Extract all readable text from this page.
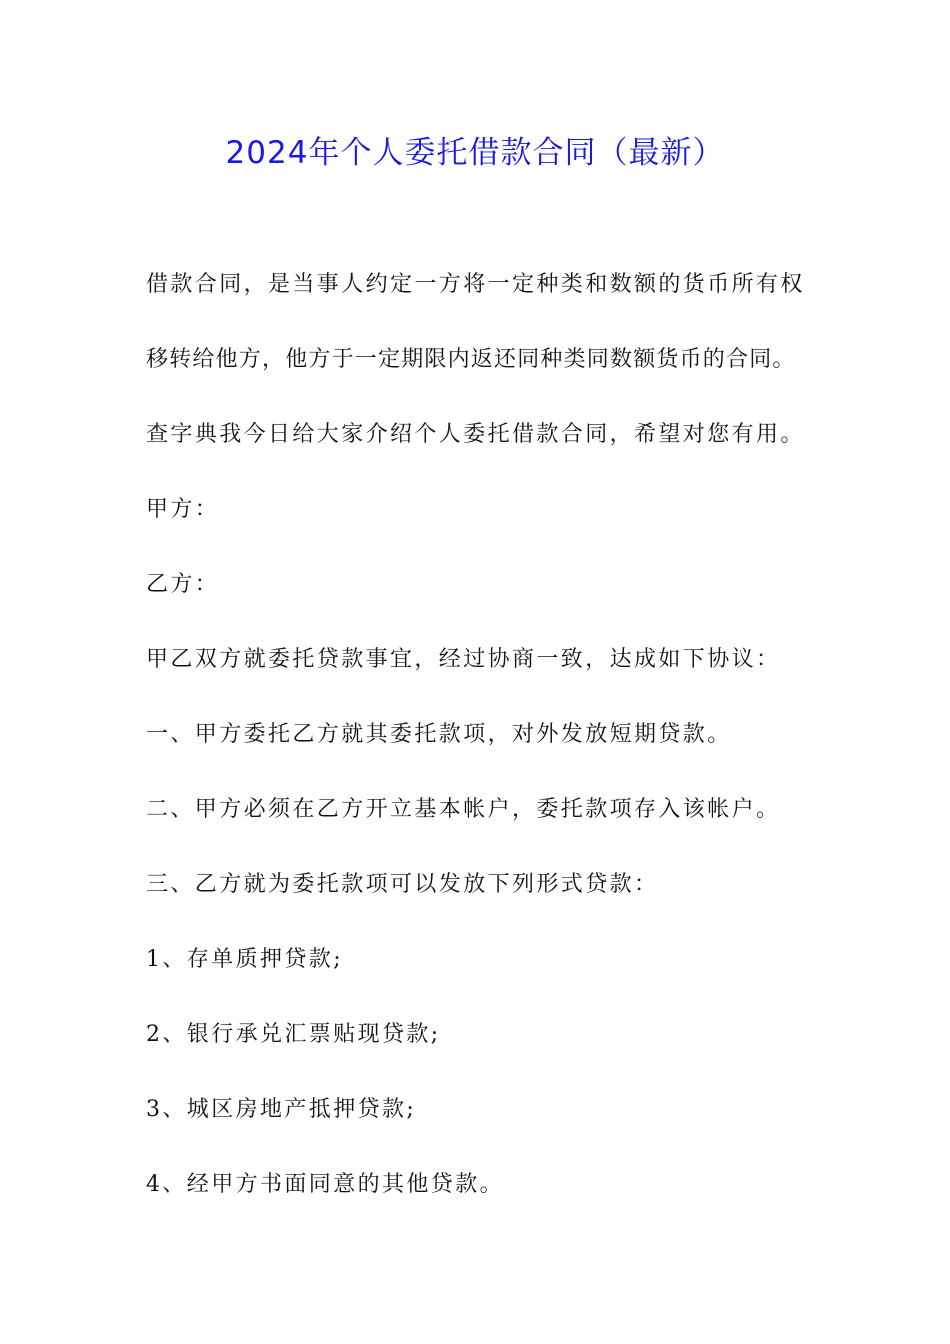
2024年个人委托借款合同（最新）
借款合同，是当事人约定一方将一定种类和数额的货币所有权
移转给他方，他方于一定期限内返还同种类同数额货币的合同。
查字典我今日给大家介绍个人委托借款合同，希望对您有用。
甲方：
乙方：
甲乙双方就委托贷款事宜，经过协商一致，达成如下协议：
一、甲方委托乙方就其委托款项，对外发放短期贷款。
二、甲方必须在乙方开立基本帐户，委托款项存入该帐户。
三、乙方就为委托款项可以发放下列形式贷款：
1、存单质押贷款;
2、银行承兑汇票贴现贷款;
3、城区房地产抵押贷款;
4、经甲方书面同意的其他贷款。
